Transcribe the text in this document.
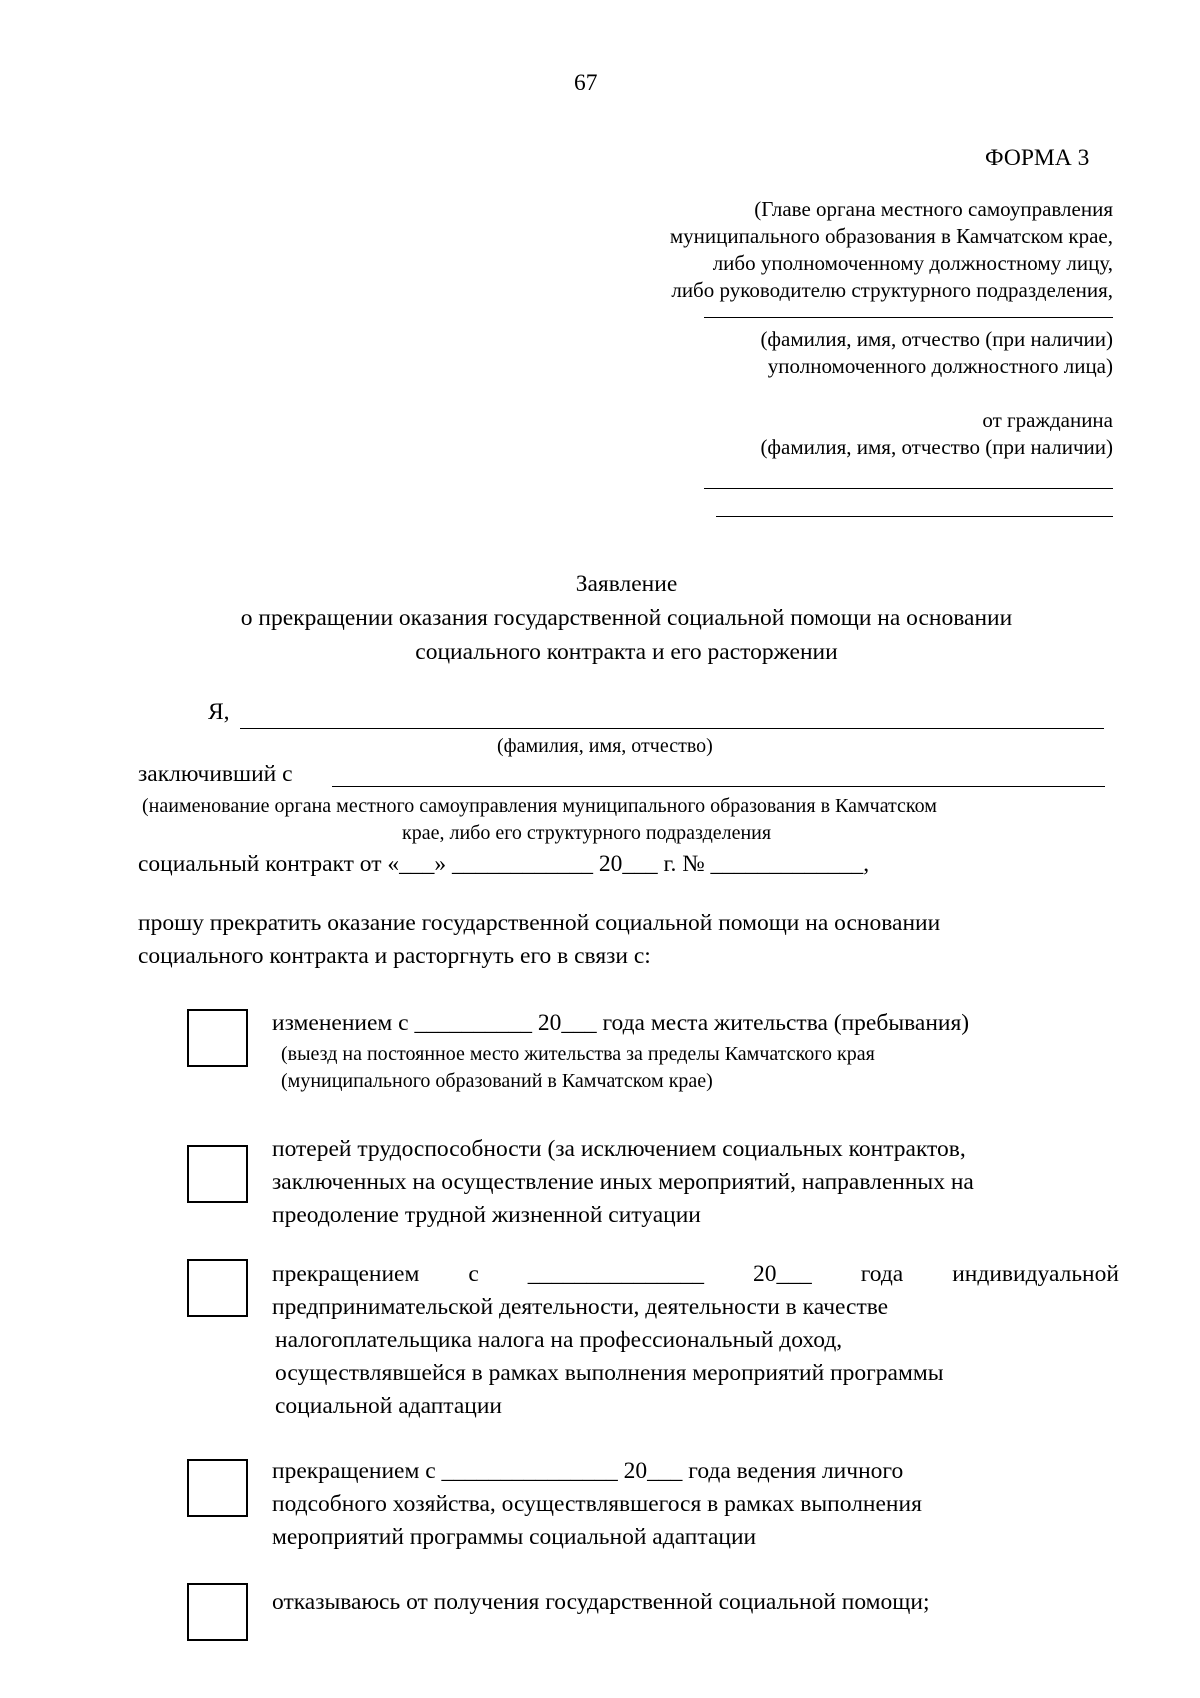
67
ФОРМА 3
(Главе органа местного самоуправления
муниципального образования в Камчатском крае,
либо уполномоченному должностному лицу,
либо руководителю структурного подразделения,
(фамилия, имя, отчество (при наличии)
уполномоченного должностного лица)
от гражданина
(фамилия, имя, отчество (при наличии)
Заявление
о прекращении оказания государственной социальной помощи на основании
социального контракта и его расторжении
Я,
(фамилия, имя, отчество)
заключивший с
(наименование органа местного самоуправления муниципального образования в Камчатском
крае, либо его структурного подразделения
социальный контракт от «___» ____________ 20___ г. № _____________,
прошу прекратить оказание государственной социальной помощи на основании
социального контракта и расторгнуть его в связи с:
изменением с __________ 20___ года места жительства (пребывания)
(выезд на постоянное место жительства за пределы Камчатского края
(муниципального образований в Камчатском крае)
потерей трудоспособности (за исключением социальных контрактов,
заключенных на осуществление иных мероприятий, направленных на
преодоление трудной жизненной ситуации
прекращением с _______________ 20___ года индивидуальной
предпринимательской деятельности, деятельности в качестве
налогоплательщика налога на профессиональный доход,
осуществлявшейся в рамках выполнения мероприятий программы
социальной адаптации
прекращением с _______________ 20___ года ведения личного
подсобного хозяйства, осуществлявшегося в рамках выполнения
мероприятий программы социальной адаптации
отказываюсь от получения государственной социальной помощи;
